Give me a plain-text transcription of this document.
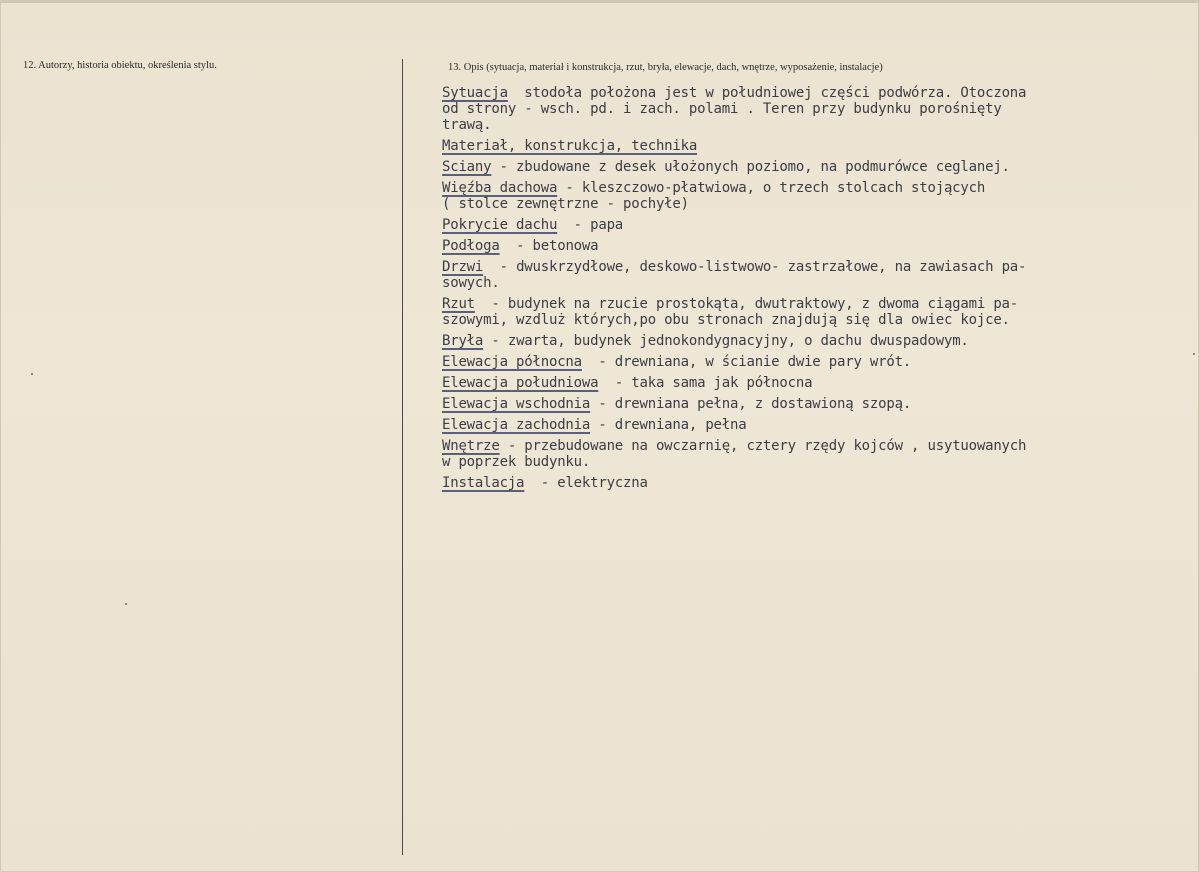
12. Autorzy, historia obiektu, określenia stylu.	13. Opis (sytuacja, materiał i konstrukcja, rzut, bryła, elewacje, dach, wnętrze, wyposażenie, instalacje)
Sytuacja  stodoła położona jest w południowej części podwórza. Otoczona
od strony - wsch. pd. i zach. polami . Teren przy budynku porośnięty
trawą.
Materiał, konstrukcja, technika
Sciany - zbudowane z desek ułożonych poziomo, na podmurówce ceglanej.
Więźba dachowa - kleszczowo-płatwiowa, o trzech stolcach stojących
( stolce zewnętrzne - pochyłe)
Pokrycie dachu  - papa
Podłoga  - betonowa
Drzwi  - dwuskrzydłowe, deskowo-listwowo- zastrzałowe, na zawiasach pa-
sowych.
Rzut  - budynek na rzucie prostokąta, dwutraktowy, z dwoma ciągami pa-
szowymi, wzdluż których,po obu stronach znajdują się dla owiec kojce.
Bryła - zwarta, budynek jednokondygnacyjny, o dachu dwuspadowym.
Elewacja północna  - drewniana, w ścianie dwie pary wrót.
Elewacja południowa  - taka sama jak północna
Elewacja wschodnia - drewniana pełna, z dostawioną szopą.
Elewacja zachodnia - drewniana, pełna
Wnętrze - przebudowane na owczarnię, cztery rzędy kojców , usytuowanych
w poprzek budynku.
Instalacja  - elektryczna
